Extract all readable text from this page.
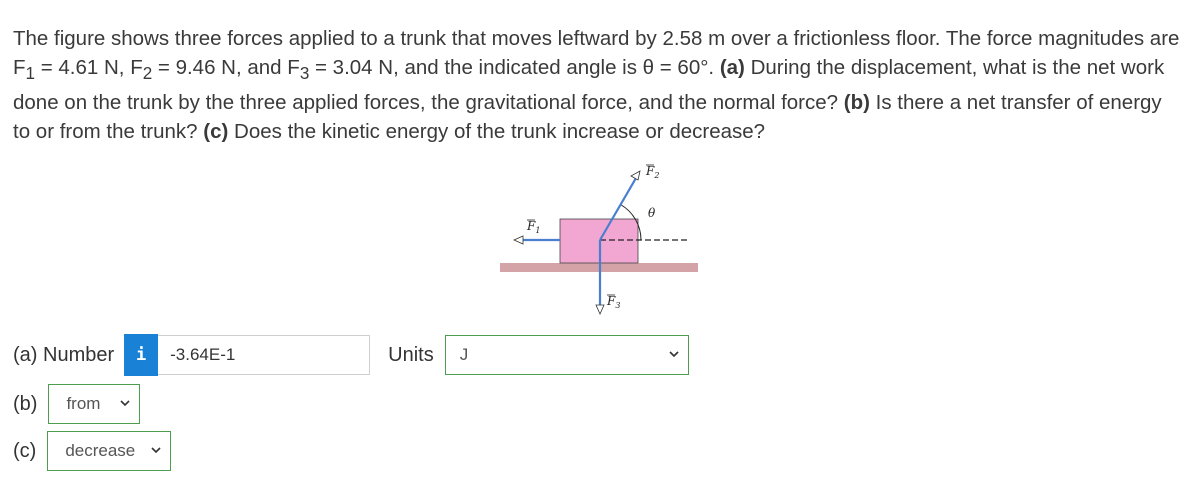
The figure shows three forces applied to a trunk that moves leftward by 2.58 m over a frictionless floor. The force magnitudes are $F_1 = 4.61$ N, $F_2 = 9.46$ N, and $F_3 = 3.04$ N, and the indicated angle is θ = 60°. (a) During the displacement, what is the net work done on the trunk by the three applied forces, the gravitational force, and the normal force? (b) Is there a net transfer of energy to or from the trunk? (c) Does the kinetic energy of the trunk increase or decrease?
$F_1$
$F_2$
$F_3$
θ
(a) Number	i	-3.64E-1	Units J
(b) from
(c) decrease
